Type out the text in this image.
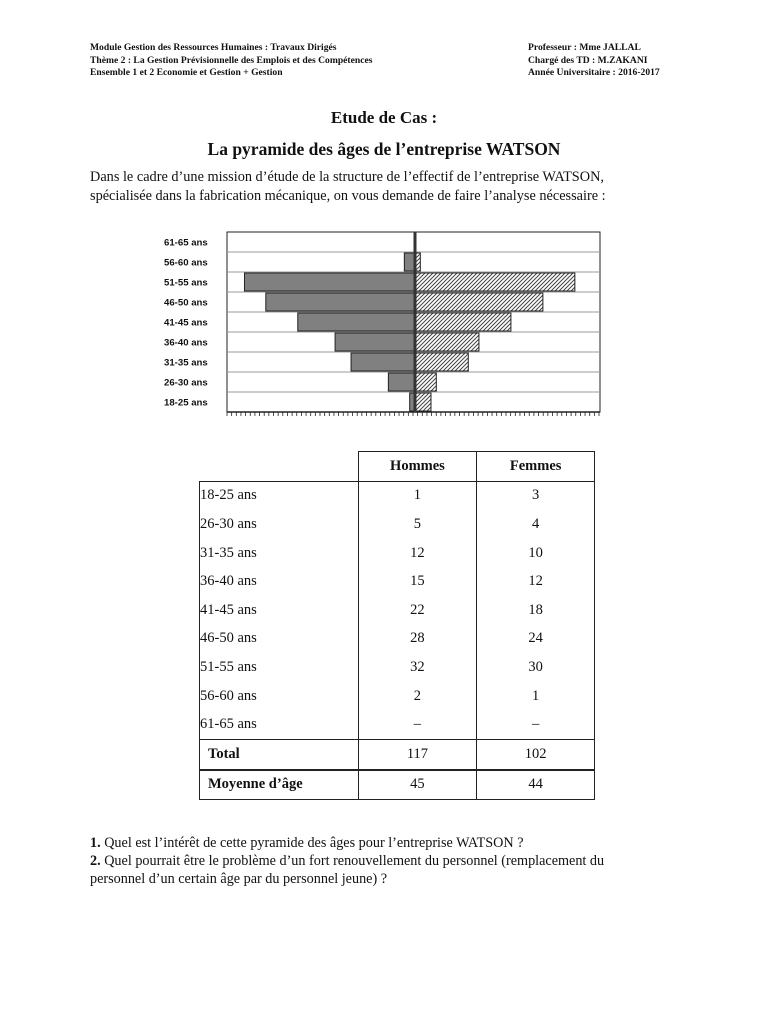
Module Gestion des Ressources Humaines : Travaux Dirigés
Thème 2 : La Gestion Prévisionnelle des Emplois et des Compétences
Ensemble 1 et 2 Economie et Gestion + Gestion
Professeur : Mme JALLAL
Chargé des TD : M.ZAKANI
Année Universitaire : 2016-2017
Etude de Cas :
La pyramide des âges de l’entreprise WATSON
Dans le cadre d’une mission d’étude de la structure de l’effectif de l’entreprise WATSON,
spécialisée dans la fabrication mécanique, on vous demande de faire l’analyse nécessaire :
61-65 ans
56-60 ans
51-55 ans
46-50 ans
41-45 ans
36-40 ans
31-35 ans
26-30 ans
18-25 ans
	Hommes	Femmes
18-25 ans	1	3
26-30 ans	5	4
31-35 ans	12	10
36-40 ans	15	12
41-45 ans	22	18
46-50 ans	28	24
51-55 ans	32	30
56-60 ans	2	1
61-65 ans	–	–
Total	117	102
Moyenne d’âge	45	44
1. Quel est l’intérêt de cette pyramide des âges pour l’entreprise WATSON ?
2. Quel pourrait être le problème d’un fort renouvellement du personnel (remplacement du
personnel d’un certain âge par du personnel jeune) ?
